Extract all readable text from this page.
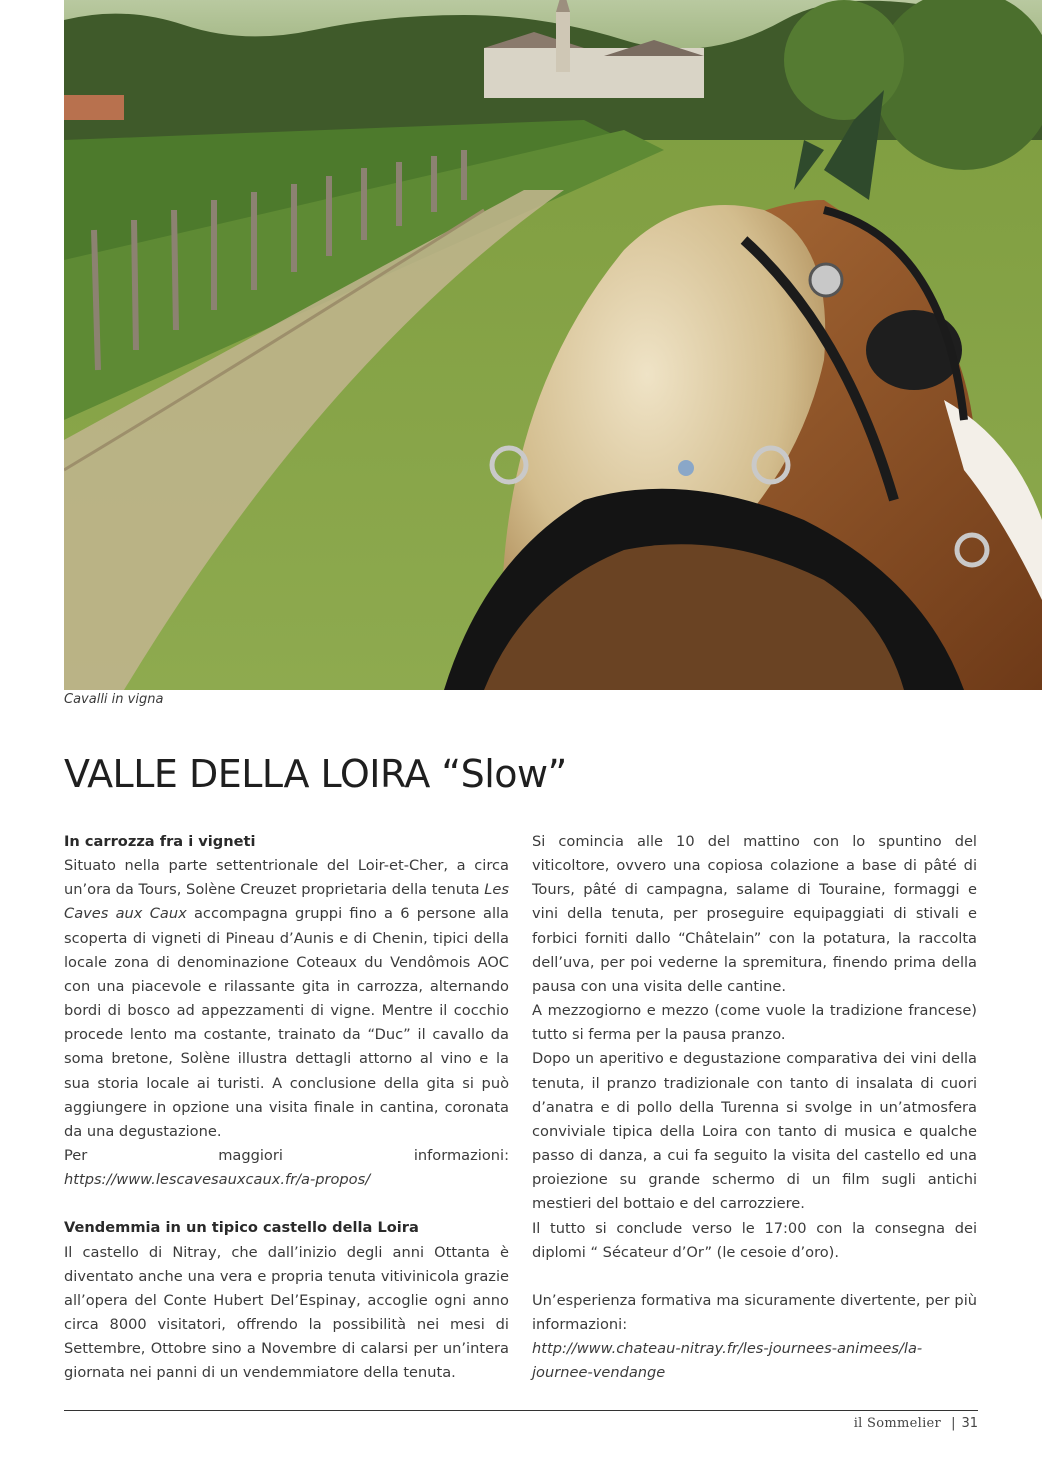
Cavalli in vigna
VALLE DELLA LOIRA “Slow”

In carrozza fra i vigneti

Situato nella parte settentrionale del Loir-et-Cher, a circa un’ora da Tours, Solène Creuzet proprietaria della tenuta Les Caves aux Caux accompagna gruppi fino a 6 persone alla scoperta di vigneti di Pineau d’Aunis e di Chenin, tipici della locale zona di denominazione Coteaux du Vendômois AOC con una piacevole e rilassante gita in carrozza, alternando bordi di bosco ad appezzamenti di vigne. Mentre il cocchio procede lento ma costante, trainato da “Duc” il cavallo da soma bretone, Solène illustra dettagli attorno al vino e la sua storia locale ai turisti. A conclusione della gita si può aggiungere in opzione una visita finale in cantina, coronata da una degustazione.

Per maggiori informazioni: https://www.lescavesauxcaux.fr/a-propos/

Vendemmia in un tipico castello della Loira

Il castello di Nitray, che dall’inizio degli anni Ottanta è diventato anche una vera e propria tenuta vitivinicola grazie all’opera del Conte Hubert Del’Espinay, accoglie ogni anno circa 8000 visitatori, offrendo la possibilità nei mesi di Settembre, Ottobre sino a Novembre di calarsi per un’intera giornata nei panni di un vendemmiatore della tenuta.

Si comincia alle 10 del mattino con lo spuntino del viticoltore, ovvero una copiosa colazione a base di pâté di Tours, pâté di campagna, salame di Touraine, formaggi e vini della tenuta, per proseguire equipaggiati di stivali e forbici forniti dallo “Châtelain” con la potatura, la raccolta dell’uva, per poi vederne la spremitura, finendo prima della pausa con una visita delle cantine.

A mezzogiorno e mezzo (come vuole la tradizione francese) tutto si ferma per la pausa pranzo.

Dopo un aperitivo e degustazione comparativa dei vini della tenuta, il pranzo tradizionale con tanto di insalata di cuori d’anatra e di pollo della Turenna si svolge in un’atmosfera conviviale tipica della Loira con tanto di musica e qualche passo di danza, a cui fa seguito la visita del castello ed una proiezione su grande schermo di un film sugli antichi mestieri del bottaio e del carrozziere.

Il tutto si conclude verso le 17:00 con la consegna dei diplomi “ Sécateur d’Or” (le cesoie d’oro).

Un’esperienza formativa ma sicuramente divertente, per più informazioni:

http://www.chateau-nitray.fr/les-journees-animees/la-journee-vendange
il Sommelier | 31
